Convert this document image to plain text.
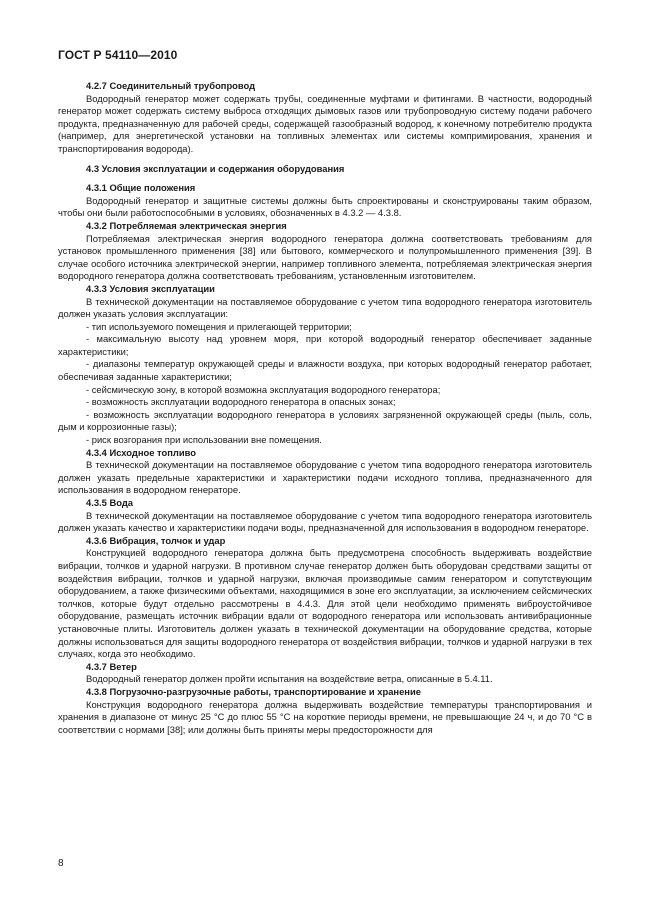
ГОСТ Р 54110—2010

4.2.7 Соединительный трубопровод

Водородный генератор может содержать трубы, соединенные муфтами и фитингами. В частности, водородный генератор может содержать систему выброса отходящих дымовых газов или трубопроводную систему подачи рабочего продукта, предназначенную для рабочей среды, содержащей газообразный водород, к конечному потребителю продукта (например, для энергетической установки на топливных элементах или системы компримирования, хранения и транспортирования водорода).

4.3 Условия эксплуатации и содержания оборудования

4.3.1 Общие положения

Водородный генератор и защитные системы должны быть спроектированы и сконструированы таким образом, чтобы они были работоспособными в условиях, обозначенных в 4.3.2 — 4.3.8.

4.3.2 Потребляемая электрическая энергия

Потребляемая электрическая энергия водородного генератора должна соответствовать требованиям для установок промышленного применения [38] или бытового, коммерческого и полупромышленного применения [39]. В случае особого источника электрической энергии, например топливного элемента, потребляемая электрическая энергия водородного генератора должна соответствовать требованиям, установленным изготовителем.

4.3.3 Условия эксплуатации

В технической документации на поставляемое оборудование с учетом типа водородного генератора изготовитель должен указать условия эксплуатации:

- тип используемого помещения и прилегающей территории;

- максимальную высоту над уровнем моря, при которой водородный генератор обеспечивает заданные характеристики;

- диапазоны температур окружающей среды и влажности воздуха, при которых водородный генератор работает, обеспечивая заданные характеристики;

- сейсмическую зону, в которой возможна эксплуатация водородного генератора;

- возможность эксплуатации водородного генератора в опасных зонах;

- возможность эксплуатации водородного генератора в условиях загрязненной окружающей среды (пыль, соль, дым и коррозионные газы);

- риск возгорания при использовании вне помещения.

4.3.4 Исходное топливо

В технической документации на поставляемое оборудование с учетом типа водородного генератора изготовитель должен указать предельные характеристики и характеристики подачи исходного топлива, предназначенного для использования в водородном генераторе.

4.3.5 Вода

В технической документации на поставляемое оборудование с учетом типа водородного генератора изготовитель должен указать качество и характеристики подачи воды, предназначенной для использования в водородном генераторе.

4.3.6 Вибрация, толчок и удар

Конструкцией водородного генератора должна быть предусмотрена способность выдерживать воздействие вибрации, толчков и ударной нагрузки. В противном случае генератор должен быть оборудован средствами защиты от воздействия вибрации, толчков и ударной нагрузки, включая производимые самим генератором и сопутствующим оборудованием, а также физическими объектами, находящимися в зоне его эксплуатации, за исключением сейсмических толчков, которые будут отдельно рассмотрены в 4.4.3. Для этой цели необходимо применять виброустойчивое оборудование, размещать источник вибрации вдали от водородного генератора или использовать антивибрационные установочные плиты. Изготовитель должен указать в технической документации на оборудование средства, которые должны использоваться для защиты водородного генератора от воздействия вибрации, толчков и ударной нагрузки в тех случаях, когда это необходимо.

4.3.7 Ветер

Водородный генератор должен пройти испытания на воздействие ветра, описанные в 5.4.11.

4.3.8 Погрузочно-разгрузочные работы, транспортирование и хранение

Конструкция водородного генератора должна выдерживать воздействие температуры транспортирования и хранения в диапазоне от минус 25 °С до плюс 55 °С на короткие периоды времени, не превышающие 24 ч, и до 70 °С в соответствии с нормами [38]; или должны быть приняты меры предосторожности для

8
